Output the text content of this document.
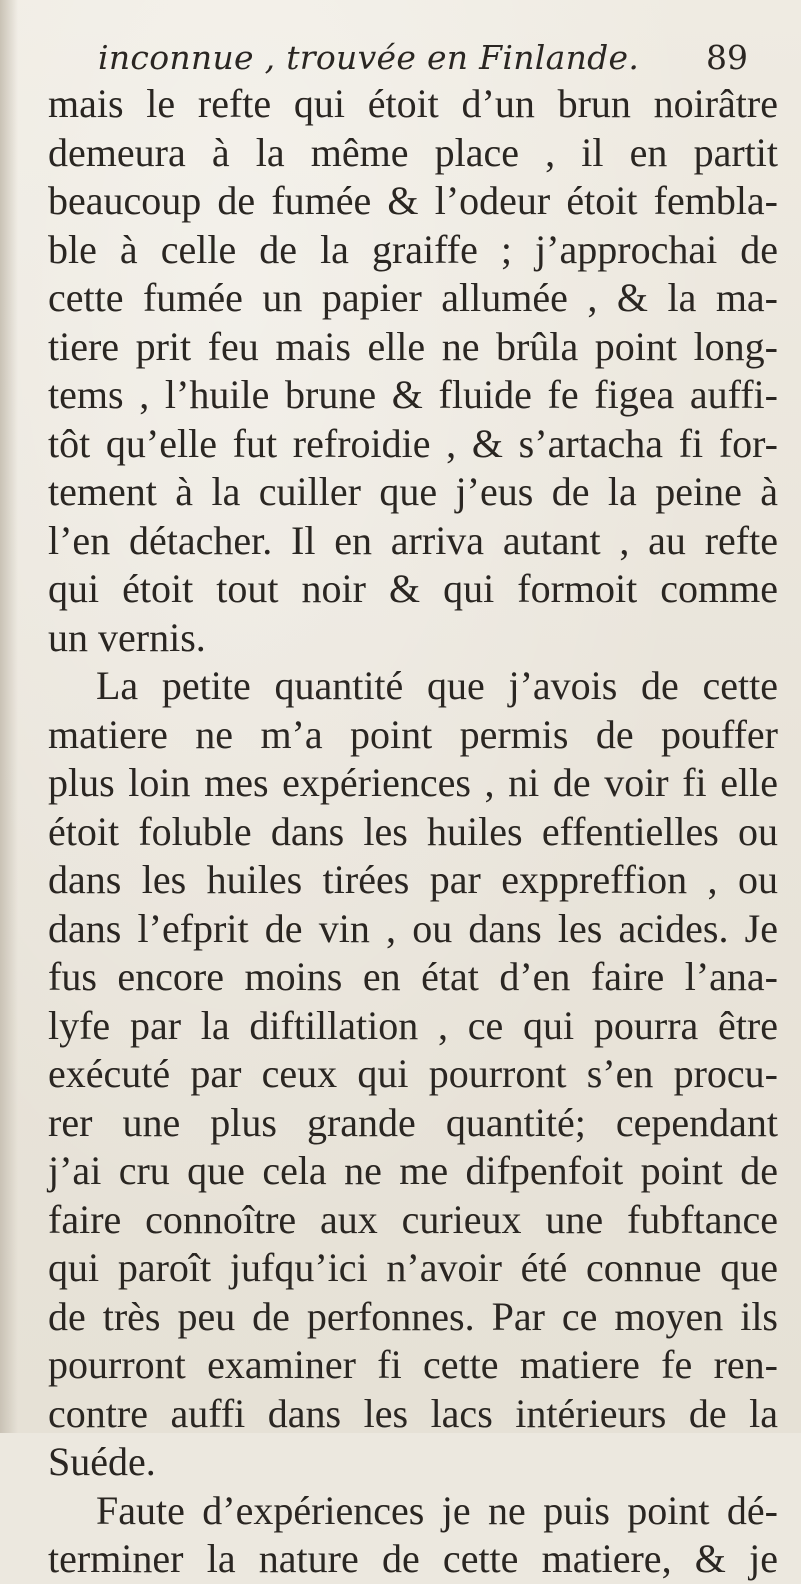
inconnue , trouvée en Finlande. 89
mais le refte qui étoit d’un brun noirâtre
demeura à la même place , il en partit
beaucoup de fumée & l’odeur étoit fembla-
ble à celle de la graiffe ; j’approchai de
cette fumée un papier allumée , & la ma-
tiere prit feu mais elle ne brûla point long-
tems , l’huile brune & fluide fe figea auffi-
tôt qu’elle fut refroidie , & s’artacha fi for-
tement à la cuiller que j’eus de la peine à
l’en détacher. Il en arriva autant , au refte
qui étoit tout noir & qui formoit comme
un vernis.
La petite quantité que j’avois de cette
matiere ne m’a point permis de pouffer
plus loin mes expériences , ni de voir fi elle
étoit foluble dans les huiles effentielles ou
dans les huiles tirées par exppreffion , ou
dans l’efprit de vin , ou dans les acides. Je
fus encore moins en état d’en faire l’ana-
lyfe par la diftillation , ce qui pourra être
exécuté par ceux qui pourront s’en procu-
rer une plus grande quantité; cependant
j’ai cru que cela ne me difpenfoit point de
faire connoître aux curieux une fubftance
qui paroît jufqu’ici n’avoir été connue que
de très peu de perfonnes. Par ce moyen ils
pourront examiner fi cette matiere fe ren-
contre auffi dans les lacs intérieurs de la
Suéde.
Faute d’expériences je ne puis point dé-
terminer la nature de cette matiere, & je
